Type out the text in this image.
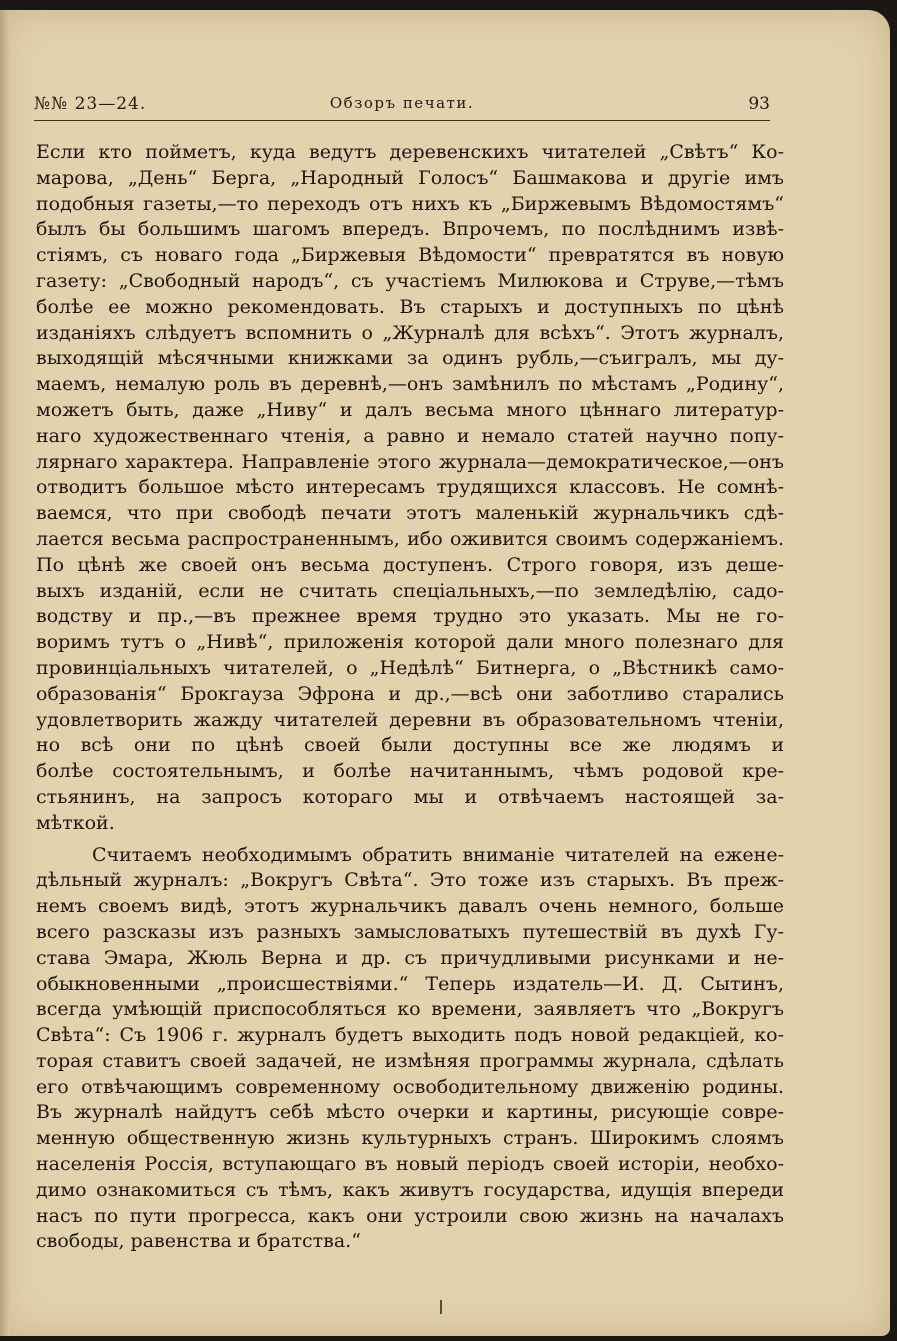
№№ 23—24.	Обзоръ печати.	93
Если кто пойметъ, куда ведутъ деревенскихъ читателей „Свѣтъ“ Ко-
марова, „День“ Берга, „Народный Голосъ“ Башмакова и другіе имъ
подобныя газеты,—то переходъ отъ нихъ къ „Биржевымъ Вѣдомостямъ“
былъ бы большимъ шагомъ впередъ. Впрочемъ, по послѣднимъ извѣ-
стіямъ, съ новаго года „Биржевыя Вѣдомости“ превратятся въ новую
газету: „Свободный народъ“, съ участіемъ Милюкова и Струве,—тѣмъ
болѣе ее можно рекомендовать. Въ старыхъ и доступныхъ по цѣнѣ
изданіяхъ слѣдуетъ вспомнить о „Журналѣ для всѣхъ“. Этотъ журналъ,
выходящій мѣсячными книжками за одинъ рубль,—съигралъ, мы ду-
маемъ, немалую роль въ деревнѣ,—онъ замѣнилъ по мѣстамъ „Родину“,
можетъ быть, даже „Ниву“ и далъ весьма много цѣннаго литератур-
наго художественнаго чтенія, а равно и немало статей научно попу-
лярнаго характера. Направленіе этого журнала—демократическое,—онъ
отводитъ большое мѣсто интересамъ трудящихся классовъ. Не сомнѣ-
ваемся, что при свободѣ печати этотъ маленькій журнальчикъ сдѣ-
лается весьма распространеннымъ, ибо оживится своимъ содержаніемъ.
По цѣнѣ же своей онъ весьма доступенъ. Строго говоря, изъ деше-
выхъ изданій, если не считать спеціальныхъ,—по земледѣлію, садо-
водству и пр.,—въ прежнее время трудно это указать. Мы не го-
воримъ тутъ о „Нивѣ“, приложенія которой дали много полезнаго для
провинціальныхъ читателей, о „Недѣлѣ“ Битнерга, о „Вѣстникѣ само-
образованія“ Брокгауза Эфрона и др.,—всѣ они заботливо старались
удовлетворить жажду читателей деревни въ образовательномъ чтеніи,
но всѣ они по цѣнѣ своей были доступны все же людямъ и
болѣе состоятельнымъ, и болѣе начитаннымъ, чѣмъ родовой кре-
стьянинъ, на запросъ котораго мы и отвѣчаемъ настоящей за-
мѣткой.
Считаемъ необходимымъ обратить вниманіе читателей на еженe-
дѣльный журналъ: „Вокругъ Свѣта“. Это тоже изъ старыхъ. Въ преж-
немъ своемъ видѣ, этотъ журнальчикъ давалъ очень немного, больше
всего разсказы изъ разныхъ замысловатыхъ путешествій въ духѣ Гу-
става Эмара, Жюль Верна и др. съ причудливыми рисунками и не-
обыкновенными „происшествіями.“ Теперь издатель—И. Д. Сытинъ,
всегда умѣющій приспособляться ко времени, заявляетъ что „Вокругъ
Свѣта“: Съ 1906 г. журналъ будетъ выходить подъ новой редакціей, ко-
торая ставитъ своей задачей, не измѣняя программы журнала, сдѣлать
его отвѣчающимъ современному освободительному движенію родины.
Въ журналѣ найдутъ себѣ мѣсто очерки и картины, рисующіе совре-
менную общественную жизнь культурныхъ странъ. Широкимъ слоямъ
населенія Россія, вступающаго въ новый періодъ своей исторіи, необхо-
димо ознакомиться съ тѣмъ, какъ живутъ государства, идущія впереди
насъ по пути прогресса, какъ они устроили свою жизнь на началахъ
свободы, равенства и братства.“
